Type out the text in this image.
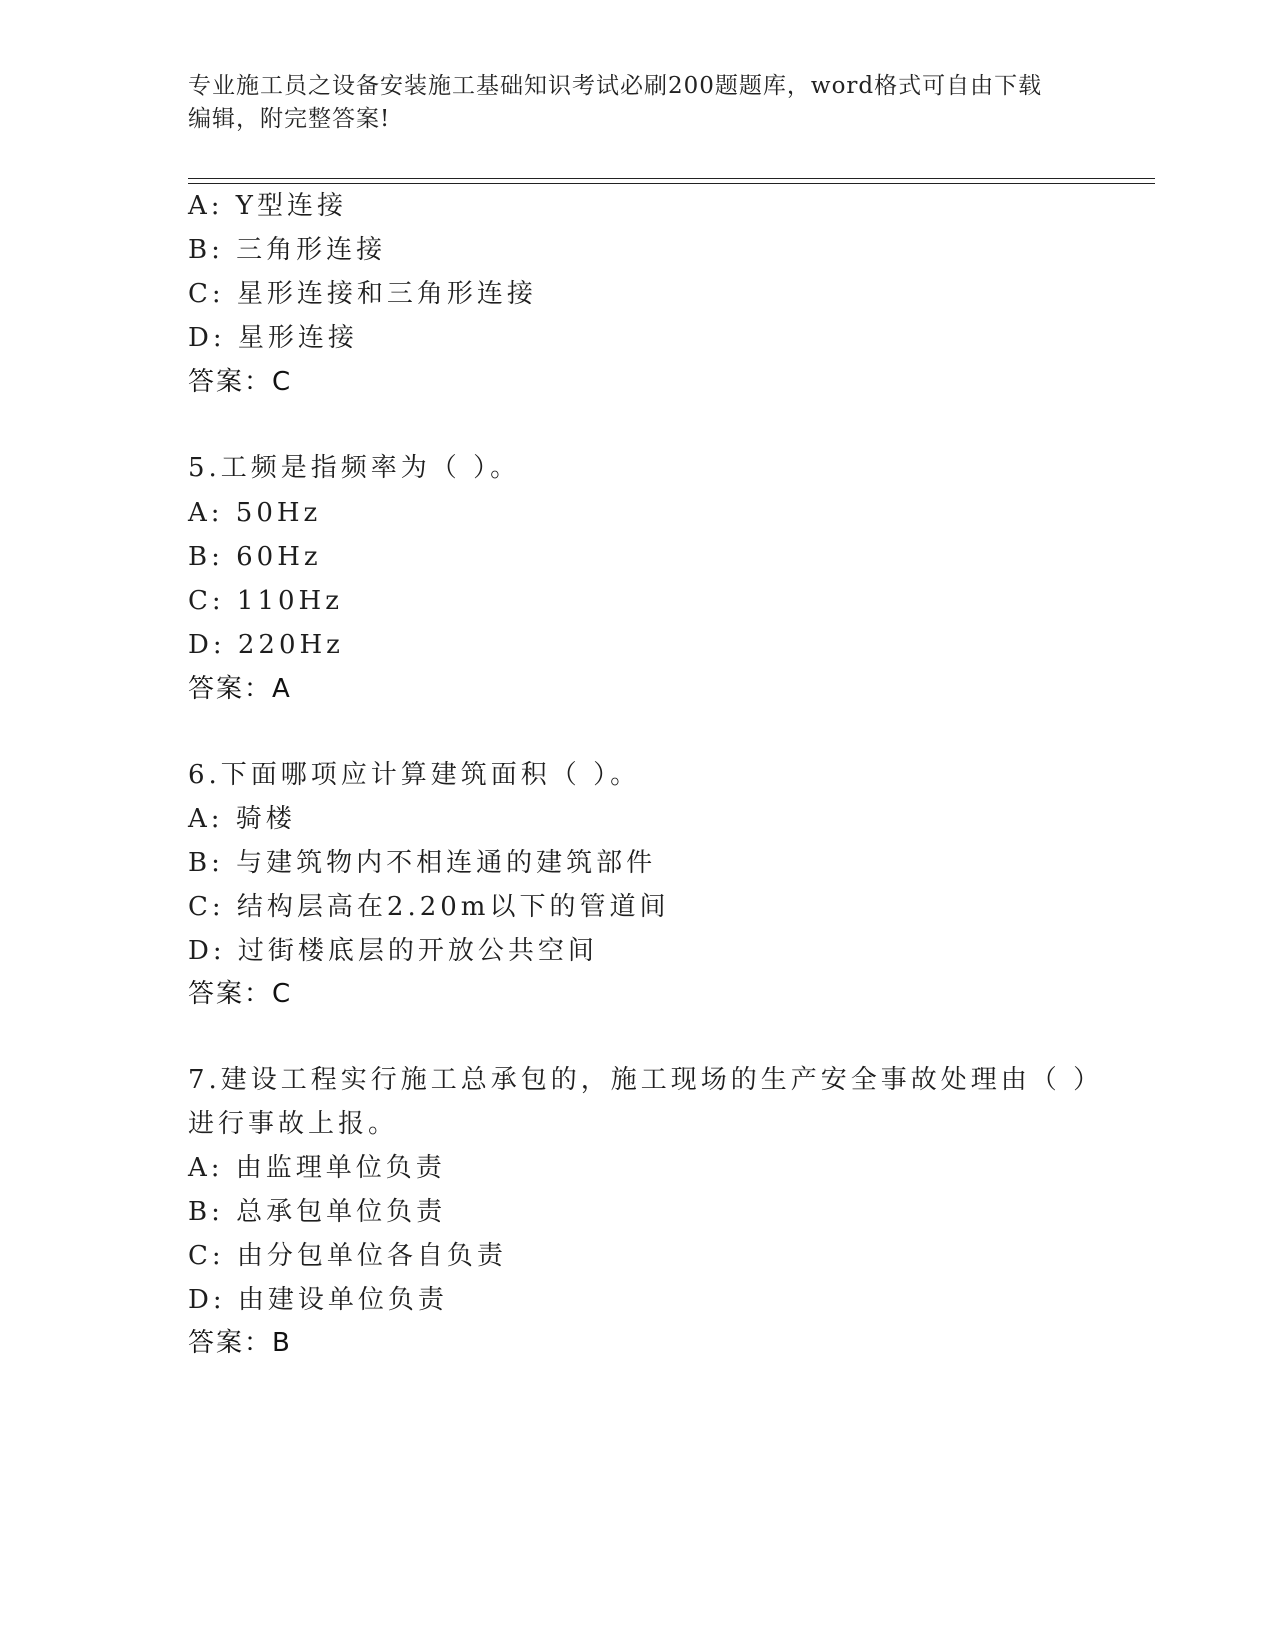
专业施工员之设备安装施工基础知识考试必刷200题题库，word格式可自由下载
编辑，附完整答案!
A: Y型连接
B: 三角形连接
C: 星形连接和三角形连接
D: 星形连接
答案：C
5.工频是指频率为（ ）。
A: 50Hz
B: 60Hz
C: 110Hz
D: 220Hz
答案：A
6.下面哪项应计算建筑面积（ ）。
A: 骑楼
B: 与建筑物内不相连通的建筑部件
C: 结构层高在2.20m以下的管道间
D: 过街楼底层的开放公共空间
答案：C
7.建设工程实行施工总承包的，施工现场的生产安全事故处理由（ ）
进行事故上报。
A: 由监理单位负责
B: 总承包单位负责
C: 由分包单位各自负责
D: 由建设单位负责
答案：B
